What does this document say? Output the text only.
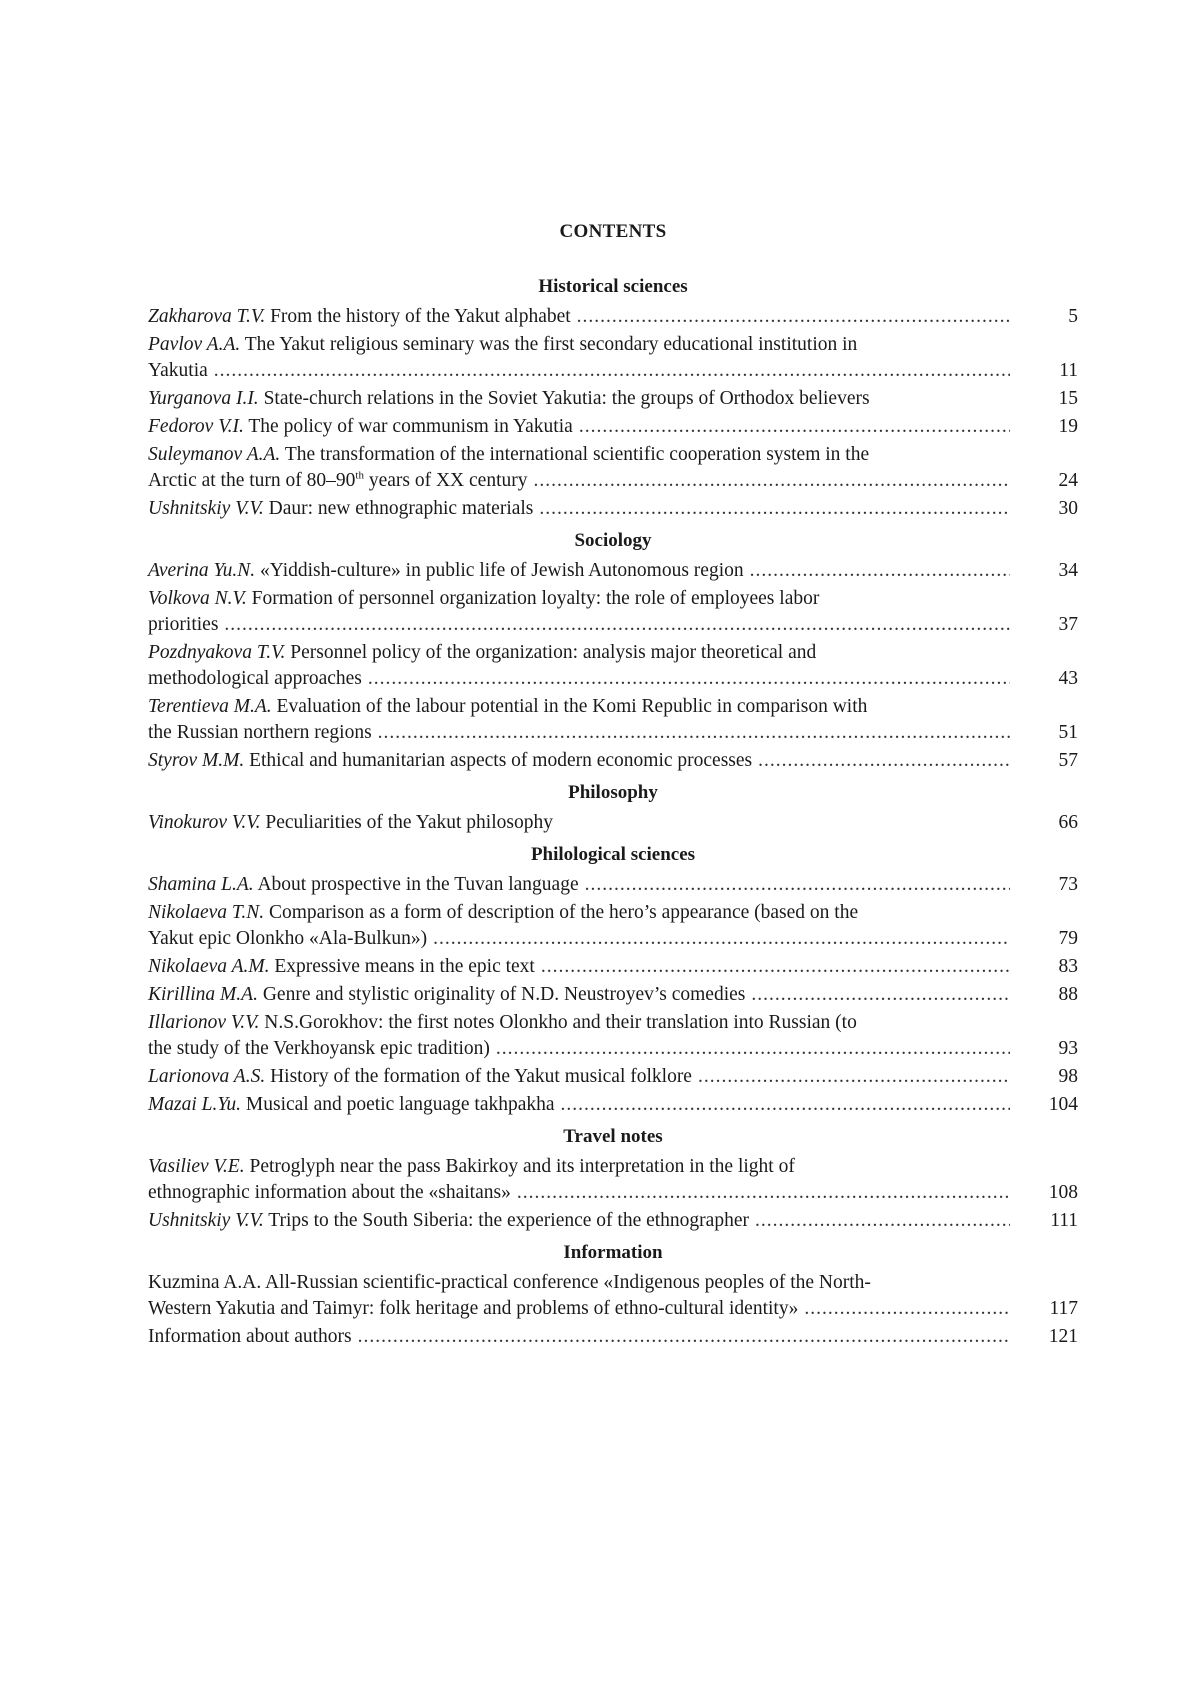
CONTENTS
Historical sciences
Zakharova T.V. From the history of the Yakut alphabet .....	5
Pavlov A.A. The Yakut religious seminary was the first secondary educational institution in
Yakutia .....	11
Yurganova I.I. State-church relations in the Soviet Yakutia: the groups of Orthodox believers	15
Fedorov V.I. The policy of war communism in Yakutia .....	19
Suleymanov A.A. The transformation of the international scientific cooperation system in the
Arctic at the turn of 80–90th years of XX century .....	24
Ushnitskiy V.V. Daur: new ethnographic materials .....	30
Sociology
Averina Yu.N. «Yiddish-culture» in public life of Jewish Autonomous region .....	34
Volkova N.V. Formation of personnel organization loyalty: the role of employees labor
priorities .....	37
Pozdnyakova T.V. Personnel policy of the organization: analysis major theoretical and
methodological approaches .....	43
Terentieva M.A. Evaluation of the labour potential in the Komi Republic in comparison with
the Russian northern regions .....	51
Styrov M.M. Ethical and humanitarian aspects of modern economic processes .....	57
Philosophy
Vinokurov V.V. Peculiarities of the Yakut philosophy	66
Philological sciences
Shamina L.A. About prospective in the Tuvan language .....	73
Nikolaeva T.N. Comparison as a form of description of the hero’s appearance (based on the
Yakut epic Olonkho «Ala-Bulkun») .....	79
Nikolaeva A.M. Expressive means in the epic text .....	83
Kirillina M.A. Genre and stylistic originality of N.D. Neustroyev’s comedies .....	88
Illarionov V.V. N.S.Gorokhov: the first notes Olonkho and their translation into Russian (to
the study of the Verkhoyansk epic tradition) .....	93
Larionova A.S. History of the formation of the Yakut musical folklore .....	98
Mazai L.Yu. Musical and poetic language takhpakha .....	104
Travel notes
Vasiliev V.E. Petroglyph near the pass Bakirkoy and its interpretation in the light of
ethnographic information about the «shaitans» .....	108
Ushnitskiy V.V. Trips to the South Siberia: the experience of the ethnographer .....	111
Information
Kuzmina A.A. All-Russian scientific-practical conference «Indigenous peoples of the North-
Western Yakutia and Taimyr: folk heritage and problems of ethno-cultural identity» .....	117
Information about authors .....	121
